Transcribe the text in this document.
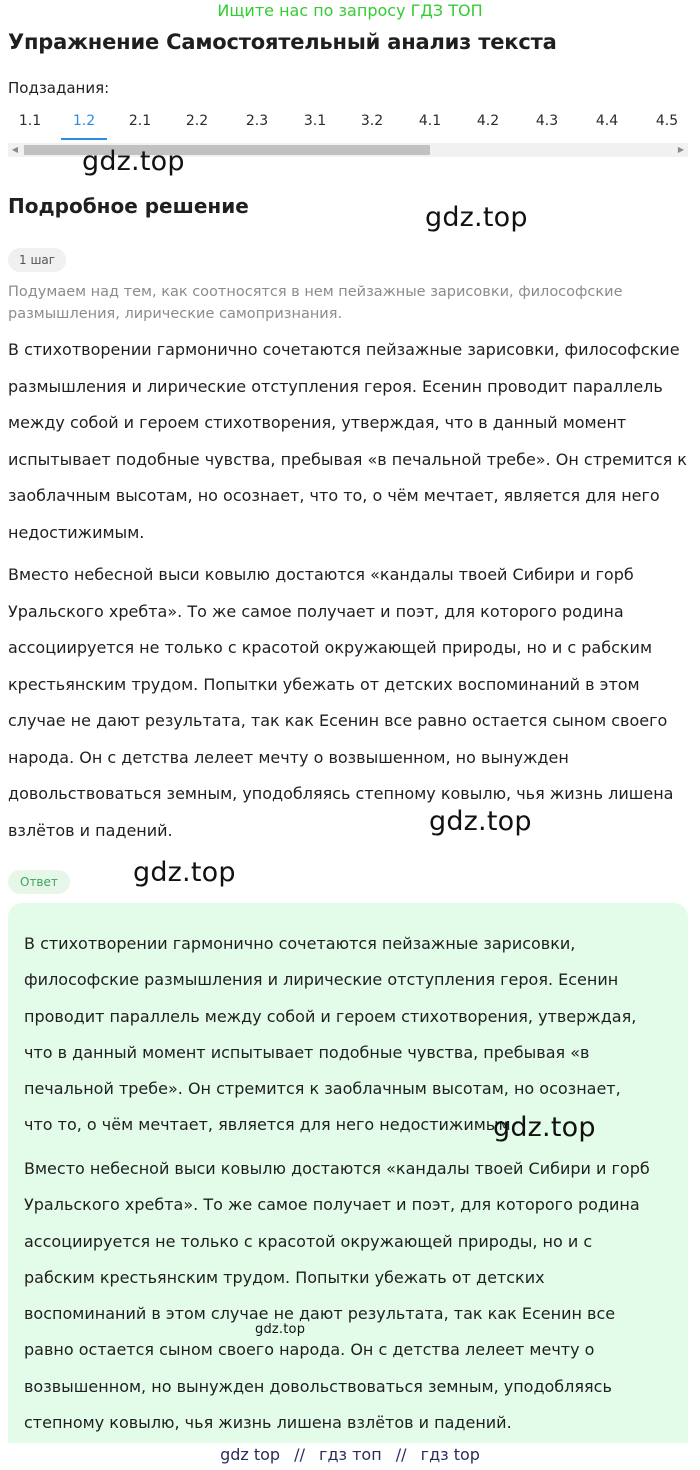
Ищите нас по запросу ГДЗ ТОП
Упражнение Самостоятельный анализ текста
Подзадания:
1.1	1.2	2.1	2.2	2.3	3.1	3.2	4.1	4.2	4.3	4.4	4.5
◀	▶
gdz.top
gdz.top
Подробное решение
1 шаг
Подумаем над тем, как соотносятся в нем пейзажные зарисовки, философские размышления, лирические самопризнания.
В стихотворении гармонично сочетаются пейзажные зарисовки, философские размышления и лирические отступления героя. Есенин проводит параллель между собой и героем стихотворения, утверждая, что в данный момент испытывает подобные чувства, пребывая «в печальной требе». Он стремится к заоблачным высотам, но осознает, что то, о чём мечтает, является для него недостижимым.
Вместо небесной выси ковылю достаются «кандалы твоей Сибири и горб Уральского хребта». То же самое получает и поэт, для которого родина ассоциируется не только с красотой окружающей природы, но и с рабским крестьянским трудом. Попытки убежать от детских воспоминаний в этом случае не дают результата, так как Есенин все равно остается сыном своего народа. Он с детства лелеет мечту о возвышенном, но вынужден довольствоваться земным, уподобляясь степному ковылю, чья жизнь лишена взлётов и падений.	gdz.top
Ответ	gdz.top
В стихотворении гармонично сочетаются пейзажные зарисовки, философские размышления и лирические отступления героя. Есенин проводит параллель между собой и героем стихотворения, утверждая, что в данный момент испытывает подобные чувства, пребывая «в печальной требе». Он стремится к заоблачным высотам, но осознает, что то, о чём мечтает, является для него недостижимым.
Вместо небесной выси ковылю достаются «кандалы твоей Сибири и горб Уральского хребта». То же самое получает и поэт, для которого родина ассоциируется не только с красотой окружающей природы, но и с рабским крестьянским трудом. Попытки убежать от детских воспоминаний в этом случае не дают результата, так как Есенин все равно остается сыном своего народа. Он с детства лелеет мечту о возвышенном, но вынужден довольствоваться земным, уподобляясь степному ковылю, чья жизнь лишена взлётов и падений.
gdz.top
gdz.top
gdz top // гдз топ // гдз top
